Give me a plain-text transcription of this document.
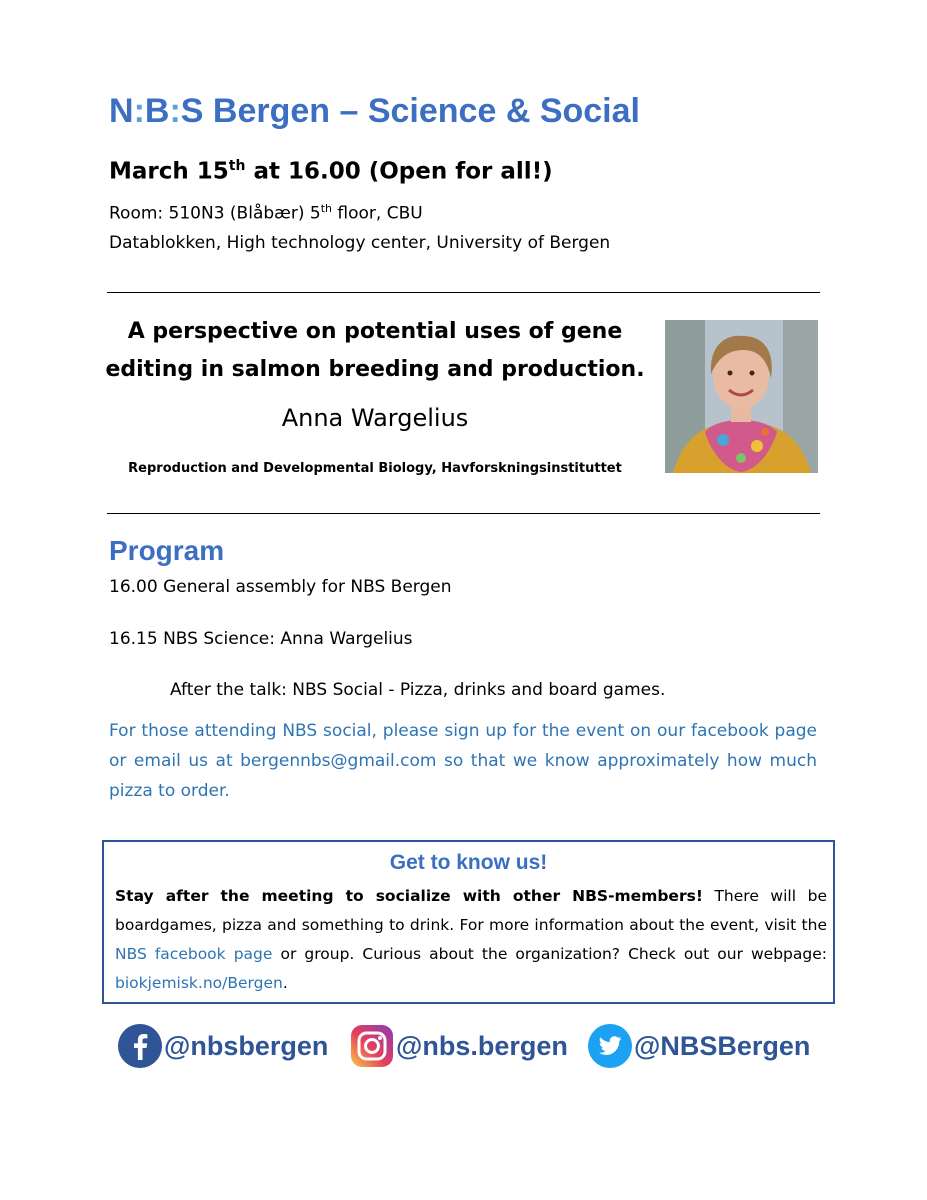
N:B:S Bergen – Science & Social
March 15th at 16.00 (Open for all!)
Room: 510N3 (Blåbær) 5th floor, CBU
Datablokken, High technology center, University of Bergen
A perspective on potential uses of gene
editing in salmon breeding and production.
Anna Wargelius
Reproduction and Developmental Biology, Havforskningsinstituttet
Program
16.00 General assembly for NBS Bergen
16.15 NBS Science: Anna Wargelius
After the talk: NBS Social - Pizza, drinks and board games.
For those attending NBS social, please sign up for the event on our facebook page or email us at bergennbs@gmail.com so that we know approximately how much pizza to order.
Get to know us!
Stay after the meeting to socialize with other NBS-members! There will be boardgames, pizza and something to drink. For more information about the event, visit the NBS facebook page or group. Curious about the organization? Check out our webpage: biokjemisk.no/Bergen.
@nbsbergen	@nbs.bergen @NBSBergen
